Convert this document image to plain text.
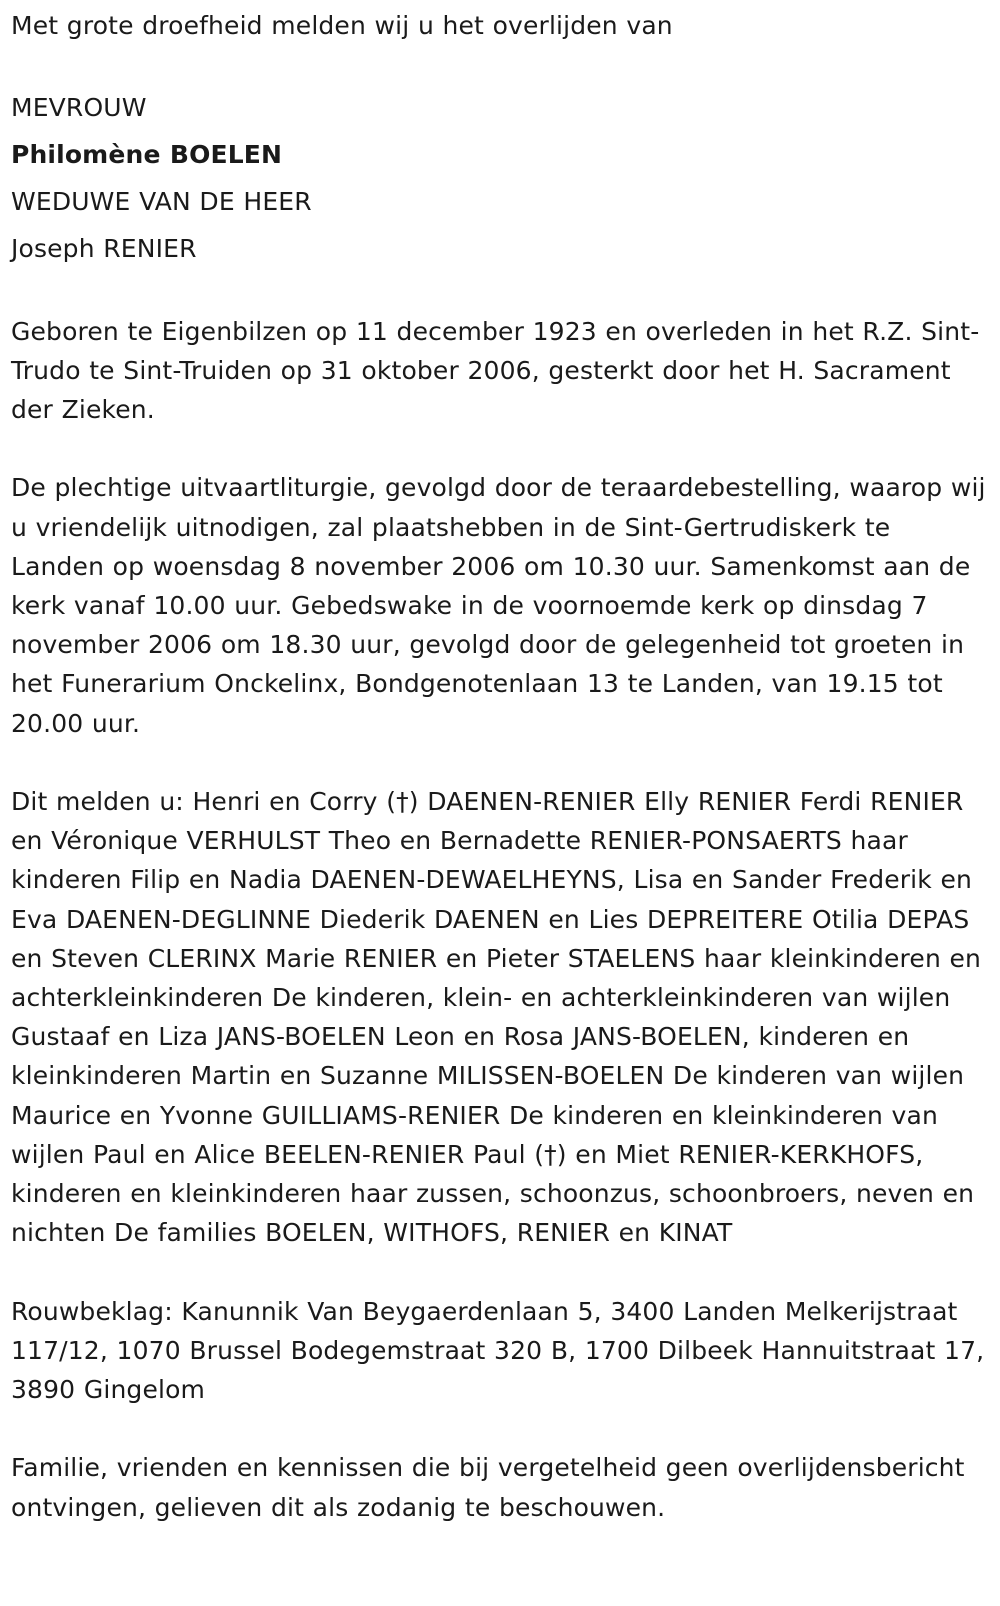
Met grote droefheid melden wij u het overlijden van

MEVROUW
Philomène BOELEN
WEDUWE VAN DE HEER
Joseph RENIER

Geboren te Eigenbilzen op 11 december 1923 en overleden in het R.Z. Sint-Trudo te Sint-Truiden op 31 oktober 2006, gesterkt door het H. Sacrament der Zieken.

De plechtige uitvaartliturgie, gevolgd door de teraardebestelling, waarop wij u vriendelijk uitnodigen, zal plaatshebben in de Sint-Gertrudiskerk te Landen op woensdag 8 november 2006 om 10.30 uur. Samenkomst aan de kerk vanaf 10.00 uur. Gebedswake in de voornoemde kerk op dinsdag 7 november 2006 om 18.30 uur, gevolgd door de gelegenheid tot groeten in het Funerarium Onckelinx, Bondgenotenlaan 13 te Landen, van 19.15 tot 20.00 uur.

Dit melden u: Henri en Corry (†) DAENEN-RENIER Elly RENIER Ferdi RENIER en Véronique VERHULST Theo en Bernadette RENIER-PONSAERTS haar kinderen Filip en Nadia DAENEN-DEWAELHEYNS, Lisa en Sander Frederik en Eva DAENEN-DEGLINNE Diederik DAENEN en Lies DEPREITERE Otilia DEPAS en Steven CLERINX Marie RENIER en Pieter STAELENS haar kleinkinderen en achterkleinkinderen De kinderen, klein- en achterkleinkinderen van wijlen Gustaaf en Liza JANS-BOELEN Leon en Rosa JANS-BOELEN, kinderen en kleinkinderen Martin en Suzanne MILISSEN-BOELEN De kinderen van wijlen Maurice en Yvonne GUILLIAMS-RENIER De kinderen en kleinkinderen van wijlen Paul en Alice BEELEN-RENIER Paul (†) en Miet RENIER-KERKHOFS, kinderen en kleinkinderen haar zussen, schoonzus, schoonbroers, neven en nichten De families BOELEN, WITHOFS, RENIER en KINAT

Rouwbeklag: Kanunnik Van Beygaerdenlaan 5, 3400 Landen Melkerijstraat 117/12, 1070 Brussel Bodegemstraat 320 B, 1700 Dilbeek Hannuitstraat 17, 3890 Gingelom

Familie, vrienden en kennissen die bij vergetelheid geen overlijdensbericht ontvingen, gelieven dit als zodanig te beschouwen.
